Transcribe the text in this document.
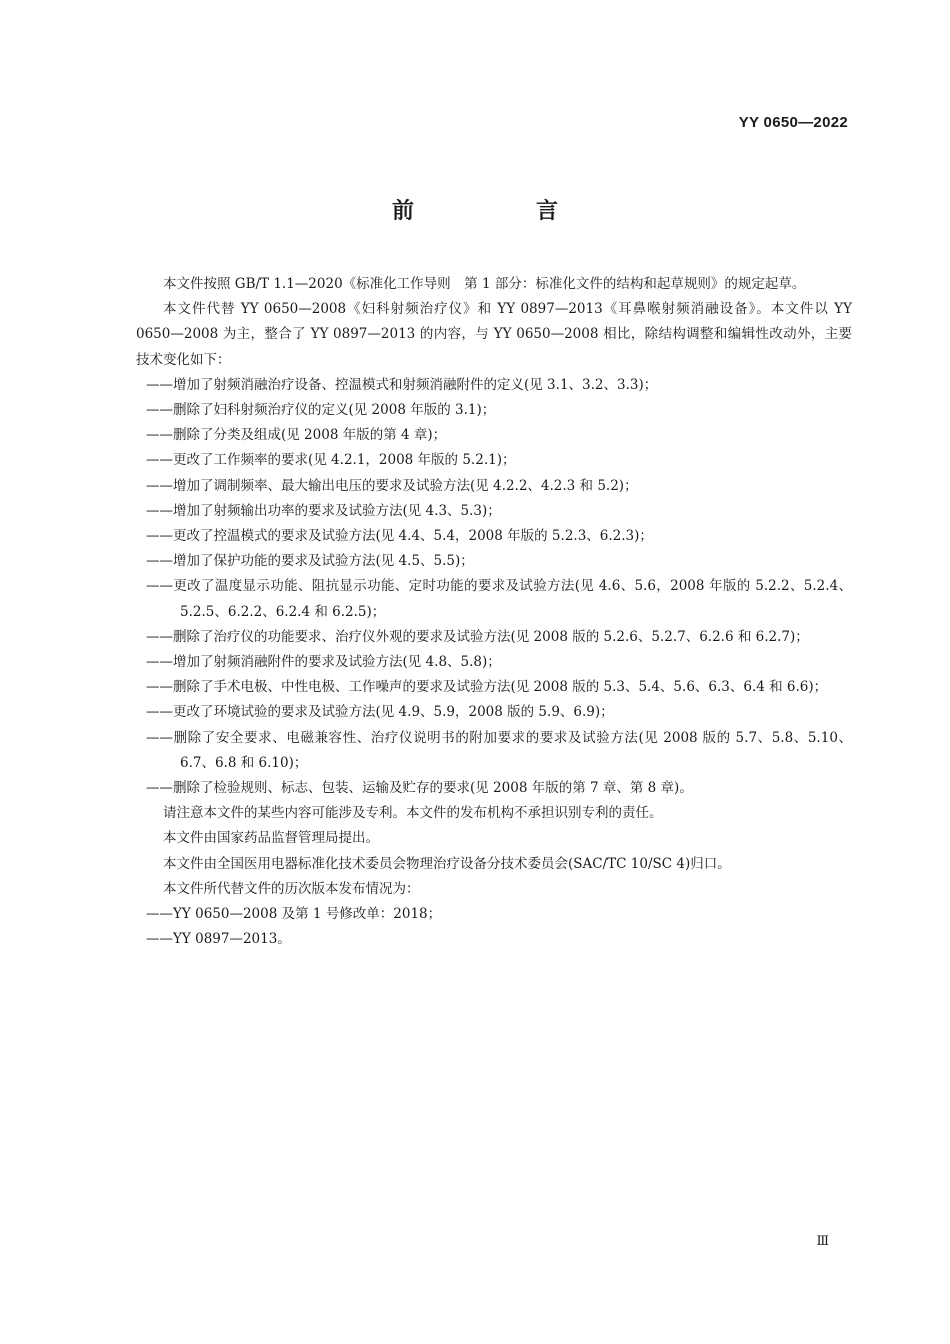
YY 0650—2022
前　言

本文件按照 GB/T 1.1—2020《标准化工作导则　第 1 部分：标准化文件的结构和起草规则》的规定起草。

本文件代替 YY 0650—2008《妇科射频治疗仪》和 YY 0897—2013《耳鼻喉射频消融设备》。本文件以 YY 0650—2008 为主，整合了 YY 0897—2013 的内容，与 YY 0650—2008 相比，除结构调整和编辑性改动外，主要技术变化如下：

——增加了射频消融治疗设备、控温模式和射频消融附件的定义(见 3.1、3.2、3.3)；

——删除了妇科射频治疗仪的定义(见 2008 年版的 3.1)；

——删除了分类及组成(见 2008 年版的第 4 章)；

——更改了工作频率的要求(见 4.2.1，2008 年版的 5.2.1)；

——增加了调制频率、最大输出电压的要求及试验方法(见 4.2.2、4.2.3 和 5.2)；

——增加了射频输出功率的要求及试验方法(见 4.3、5.3)；

——更改了控温模式的要求及试验方法(见 4.4、5.4，2008 年版的 5.2.3、6.2.3)；

——增加了保护功能的要求及试验方法(见 4.5、5.5)；

——更改了温度显示功能、阻抗显示功能、定时功能的要求及试验方法(见 4.6、5.6，2008 年版的 5.2.2、5.2.4、5.2.5、6.2.2、6.2.4 和 6.2.5)；

——删除了治疗仪的功能要求、治疗仪外观的要求及试验方法(见 2008 版的 5.2.6、5.2.7、6.2.6 和 6.2.7)；

——增加了射频消融附件的要求及试验方法(见 4.8、5.8)；

——删除了手术电极、中性电极、工作噪声的要求及试验方法(见 2008 版的 5.3、5.4、5.6、6.3、6.4 和 6.6)；

——更改了环境试验的要求及试验方法(见 4.9、5.9，2008 版的 5.9、6.9)；

——删除了安全要求、电磁兼容性、治疗仪说明书的附加要求的要求及试验方法(见 2008 版的 5.7、5.8、5.10、6.7、6.8 和 6.10)；

——删除了检验规则、标志、包装、运输及贮存的要求(见 2008 年版的第 7 章、第 8 章)。

请注意本文件的某些内容可能涉及专利。本文件的发布机构不承担识别专利的责任。

本文件由国家药品监督管理局提出。

本文件由全国医用电器标准化技术委员会物理治疗设备分技术委员会(SAC/TC 10/SC 4)归口。

本文件所代替文件的历次版本发布情况为：

——YY 0650—2008 及第 1 号修改单：2018；

——YY 0897—2013。

Ⅲ
